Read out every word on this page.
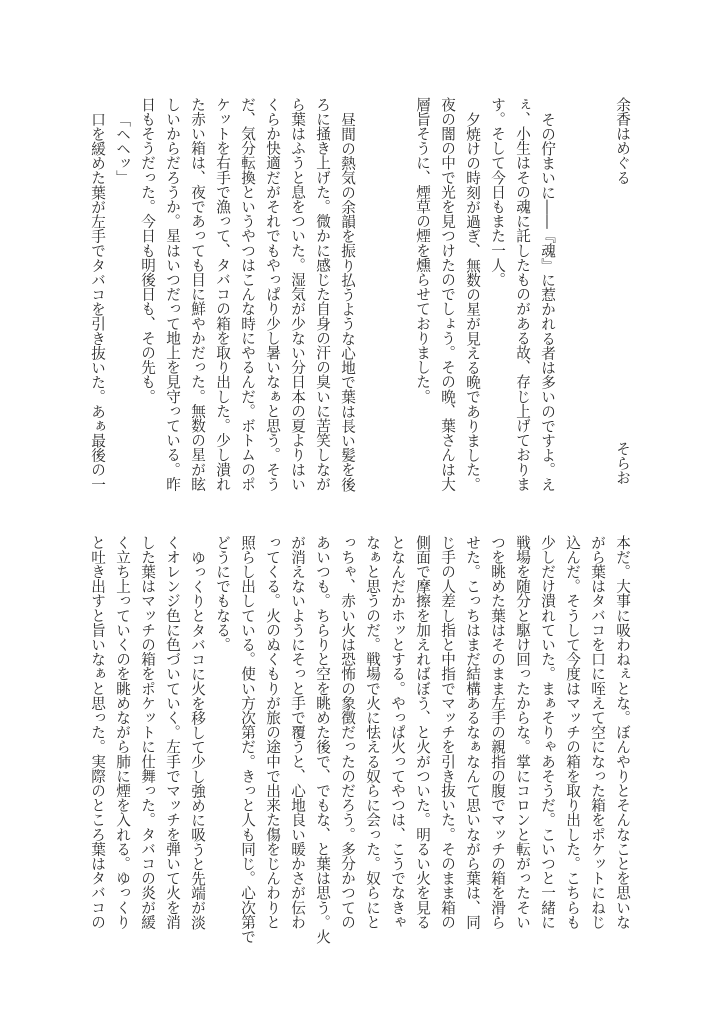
余香はめぐる
そらお
その佇まいに――『魂』に惹かれる者は多いのですよ。え
ぇ、小生はその魂に託したものがある故、存じ上げておりま
す。そして今日もまた一人。
夕焼けの時刻が過ぎ、無数の星が見える晩でありました。
夜の闇の中で光を見つけたのでしょう。その晩、葉さんは大
層旨そうに、煙草の煙を燻らせておりました。
昼間の熱気の余韻を振り払うような心地で葉は長い髪を後
ろに掻き上げた。微かに感じた自身の汗の臭いに苦笑しなが
ら葉はふうと息をついた。湿気が少ない分日本の夏よりはい
くらか快適だがそれでもやっぱり少し暑いなぁと思う。そう
だ、気分転換というやつはこんな時にやるんだ。ボトムのポ
ケットを右手で漁って、タバコの箱を取り出した。少し潰れ
た赤い箱は、夜であっても目に鮮やかだった。無数の星が眩
しいからだろうか。星はいつだって地上を見守っている。昨
日もそうだった。今日も明後日も、その先も。
「ヘヘッ」
口を緩めた葉が左手でタバコを引き抜いた。あぁ最後の一
本だ。大事に吸わねぇとな。ぼんやりとそんなことを思いな
がら葉はタバコを口に咥えて空になった箱をポケットにねじ
込んだ。そうして今度はマッチの箱を取り出した。こちらも
少しだけ潰れていた。まぁそりゃあそうだ。こいつと一緒に
戦場を随分と駆け回ったからな。掌にコロンと転がったそい
つを眺めた葉はそのまま左手の親指の腹でマッチの箱を滑ら
せた。こっちはまだ結構あるなぁなんて思いながら葉は、同
じ手の人差し指と中指でマッチを引き抜いた。そのまま箱の
側面で摩擦を加えればぼう、と火がついた。明るい火を見る
となんだかホッとする。やっぱ火ってやつは、こうでなきゃ
なぁと思うのだ。戦場で火に怯える奴らに会った。奴らにと
っちゃ、赤い火は恐怖の象徴だったのだろう。多分かつての
あいつも。ちらりと空を眺めた後で、でもな、と葉は思う。火
が消えないようにそっと手で覆うと、心地良い暖かさが伝わ
ってくる。火のぬくもりが旅の途中で出来た傷をじんわりと
照らし出している。使い方次第だ。きっと人も同じ。心次第で
どうにでもなる。
ゆっくりとタバコに火を移して少し強めに吸うと先端が淡
くオレンジ色に色づいていく。左手でマッチを弾いて火を消
した葉はマッチの箱をポケットに仕舞った。タバコの炎が緩
く立ち上っていくのを眺めながら肺に煙を入れる。ゆっくり
と吐き出すと旨いなぁと思った。実際のところ葉はタバコの
